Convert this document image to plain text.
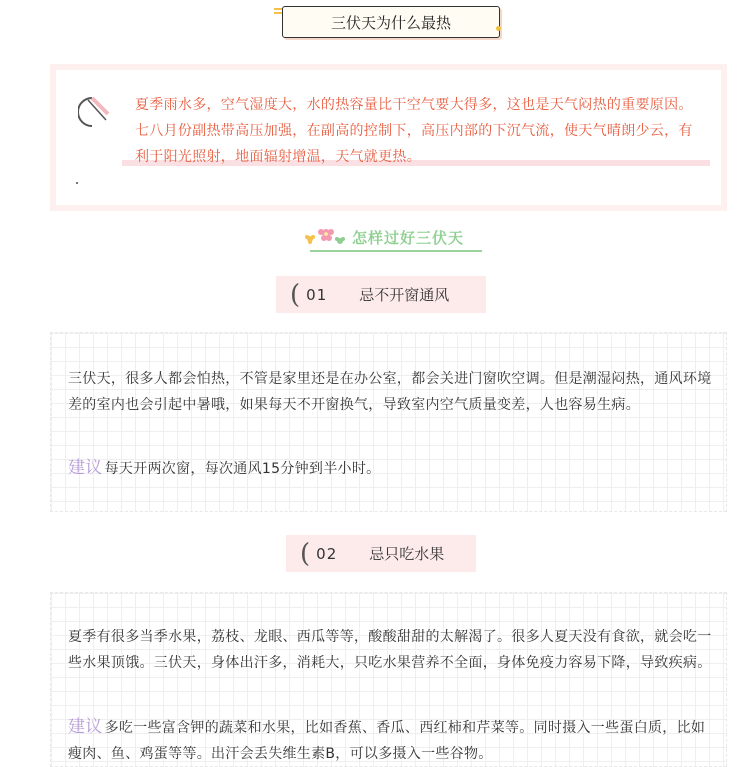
三伏天为什么最热
夏季雨水多，空气湿度大，水的热容量比干空气要大得多，这也是天气闷热的重要原因。七八月份副热带高压加强，在副高的控制下，高压内部的下沉气流，使天气晴朗少云，有利于阳光照射，地面辐射增温，天气就更热。
怎样过好三伏天
( 01 忌不开窗通风
三伏天，很多人都会怕热，不管是家里还是在办公室，都会关进门窗吹空调。但是潮湿闷热，通风环境差的室内也会引起中暑哦，如果每天不开窗换气，导致室内空气质量变差，人也容易生病。
建议 每天开两次窗，每次通风15分钟到半小时。
( 02 忌只吃水果
夏季有很多当季水果，荔枝、龙眼、西瓜等等，酸酸甜甜的太解渴了。很多人夏天没有食欲，就会吃一些水果顶饿。三伏天，身体出汗多，消耗大，只吃水果营养不全面，身体免疫力容易下降，导致疾病。
建议 多吃一些富含钾的蔬菜和水果，比如香蕉、香瓜、西红柿和芹菜等。同时摄入一些蛋白质，比如瘦肉、鱼、鸡蛋等等。出汗会丢失维生素B，可以多摄入一些谷物。
